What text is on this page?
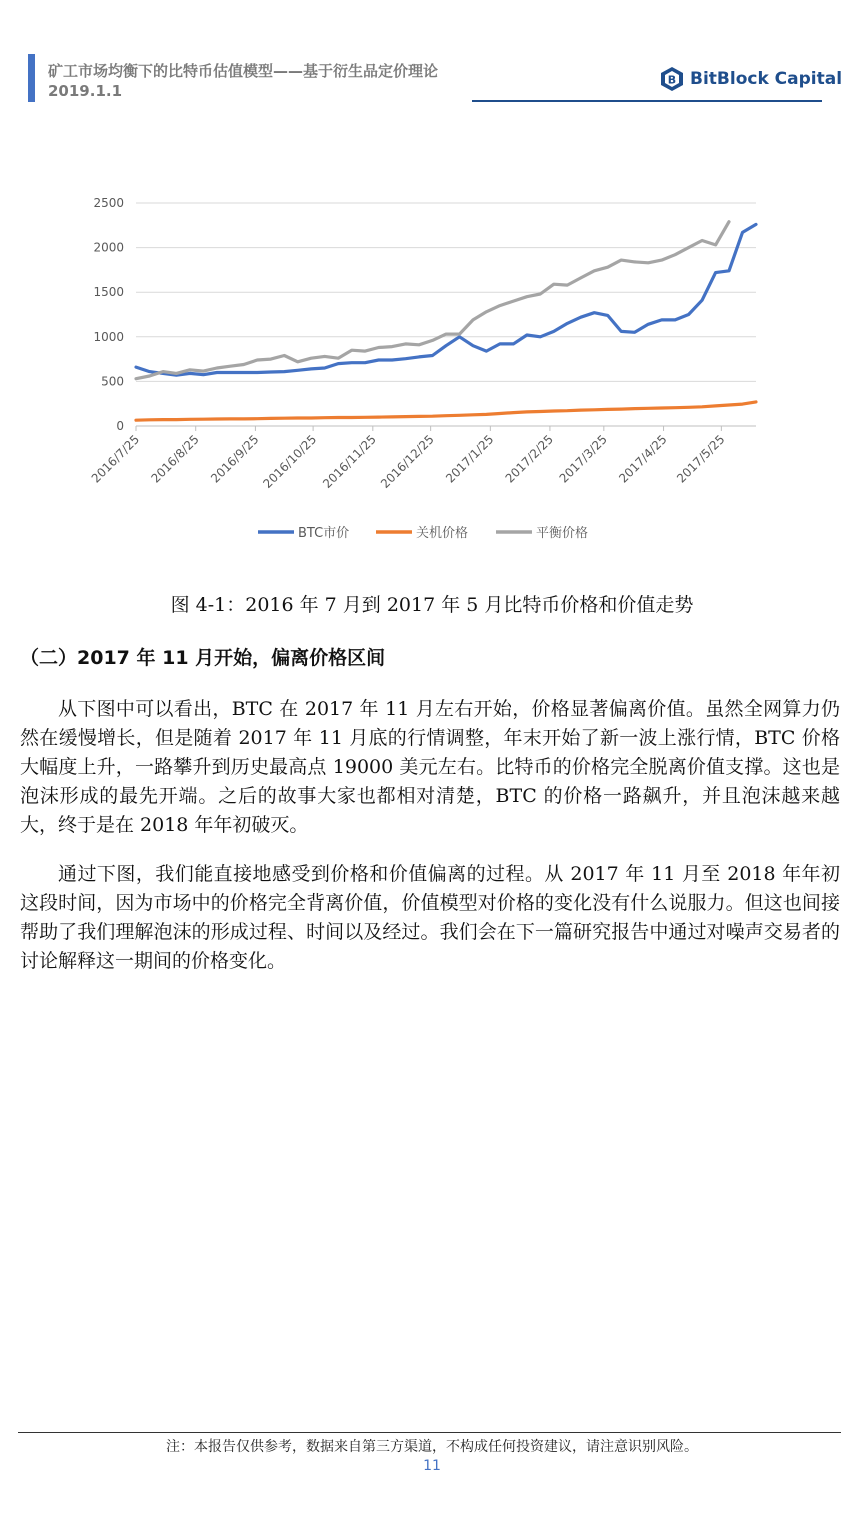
矿工市场均衡下的比特币估值模型——基于衍生品定价理论
2019.1.1
B BitBlock Capital
0
500
1000
1500
2000
2500
2016/7/25 2016/8/25 2016/9/25
2016/10/25 2016/11/25 2016/12/25 2017/1/25 2017/2/25 2017/3/25 2017/4/25 2017/5/25
BTC市价	关机价格	平衡价格
图 4-1：2016 年 7 月到 2017 年 5 月比特币价格和价值走势
（二）2017 年 11 月开始，偏离价格区间
从下图中可以看出，BTC 在 2017 年 11 月左右开始，价格显著偏离价值。虽然全网算力仍然在缓慢增长，但是随着 2017 年 11 月底的行情调整，年末开始了新一波上涨行情，BTC 价格大幅度上升，一路攀升到历史最高点 19000 美元左右。比特币的价格完全脱离价值支撑。这也是泡沫形成的最先开端。之后的故事大家也都相对清楚，BTC 的价格一路飙升，并且泡沫越来越大，终于是在 2018 年年初破灭。
通过下图，我们能直接地感受到价格和价值偏离的过程。从 2017 年 11 月至 2018 年年初这段时间，因为市场中的价格完全背离价值，价值模型对价格的变化没有什么说服力。但这也间接帮助了我们理解泡沫的形成过程、时间以及经过。我们会在下一篇研究报告中通过对噪声交易者的讨论解释这一期间的价格变化。
注：本报告仅供参考，数据来自第三方渠道，不构成任何投资建议，请注意识别风险。
11
